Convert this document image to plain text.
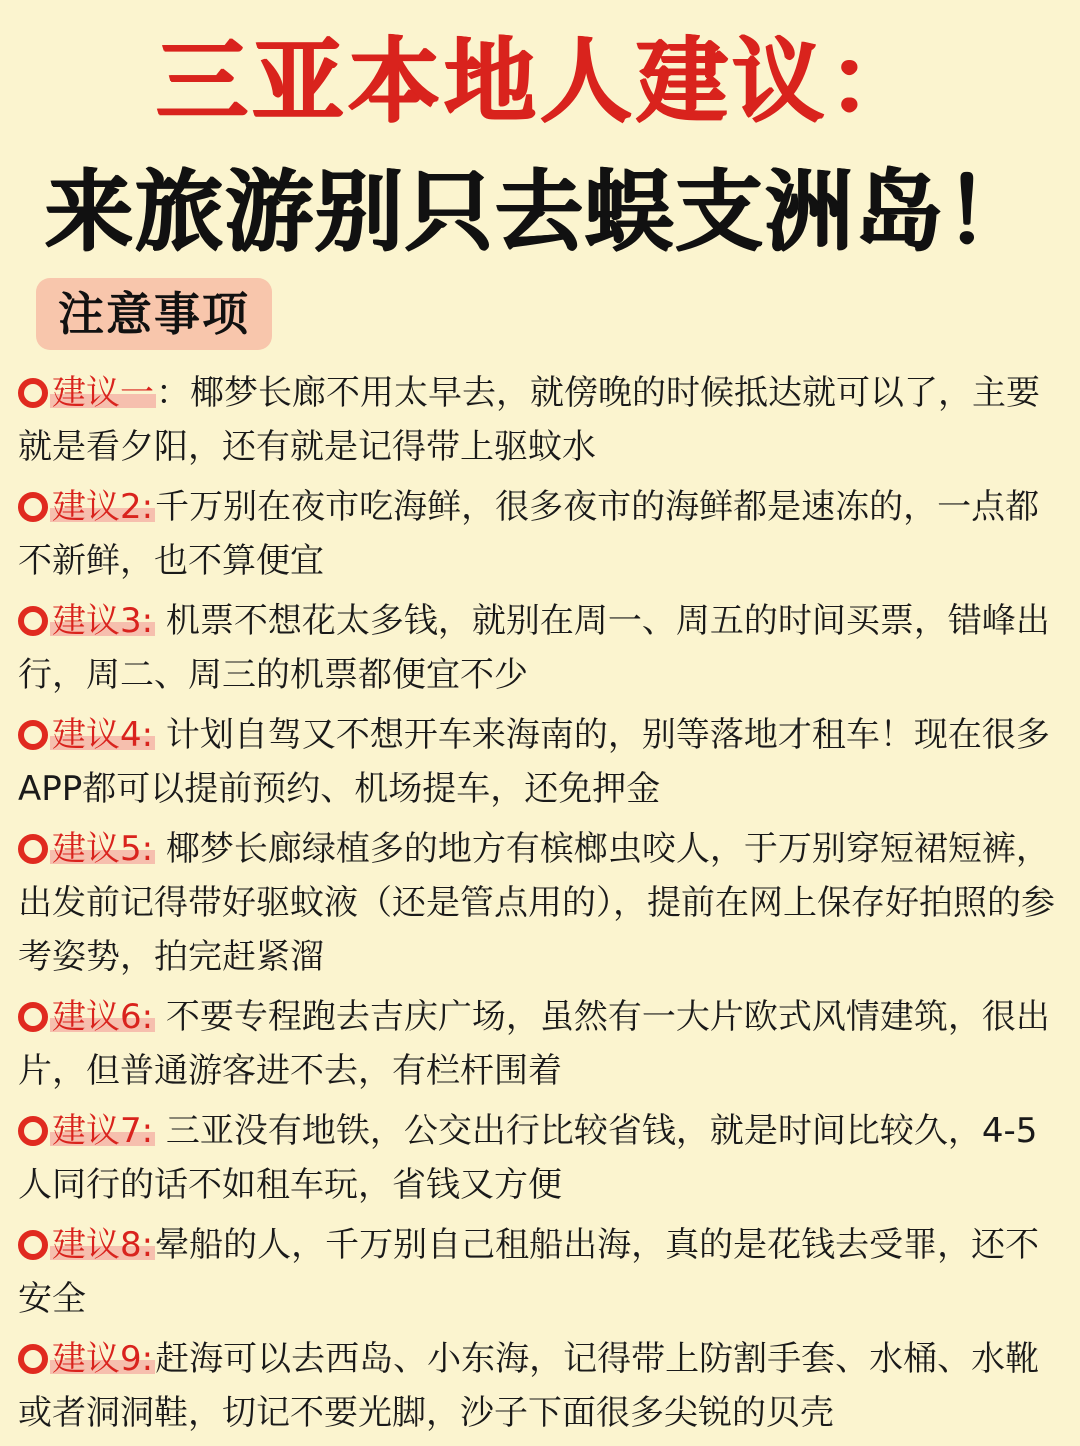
三亚本地人建议：
来旅游别只去蜈支洲岛！
注意事项

建议一：椰梦长廊不用太早去，就傍晚的时候抵达就可以了，主要就是看夕阳，还有就是记得带上驱蚊水

建议2:千万别在夜市吃海鲜，很多夜市的海鲜都是速冻的，一点都不新鲜，也不算便宜

建议3: 机票不想花太多钱，就别在周一、周五的时间买票，错峰出行，周二、周三的机票都便宜不少

建议4: 计划自驾又不想开车来海南的，别等落地才租车！现在很多APP都可以提前预约、机场提车，还免押金

建议5: 椰梦长廊绿植多的地方有槟榔虫咬人，于万别穿短裙短裤，出发前记得带好驱蚊液（还是管点用的），提前在网上保存好拍照的参考姿势，拍完赶紧溜

建议6: 不要专程跑去吉庆广场，虽然有一大片欧式风情建筑，很出片，但普通游客进不去，有栏杆围着

建议7: 三亚没有地铁，公交出行比较省钱，就是时间比较久，4-5人同行的话不如租车玩，省钱又方便

建议8:晕船的人，千万别自己租船出海，真的是花钱去受罪，还不安全

建议9:赶海可以去西岛、小东海，记得带上防割手套、水桶、水靴或者洞洞鞋，切记不要光脚，沙子下面很多尖锐的贝壳
